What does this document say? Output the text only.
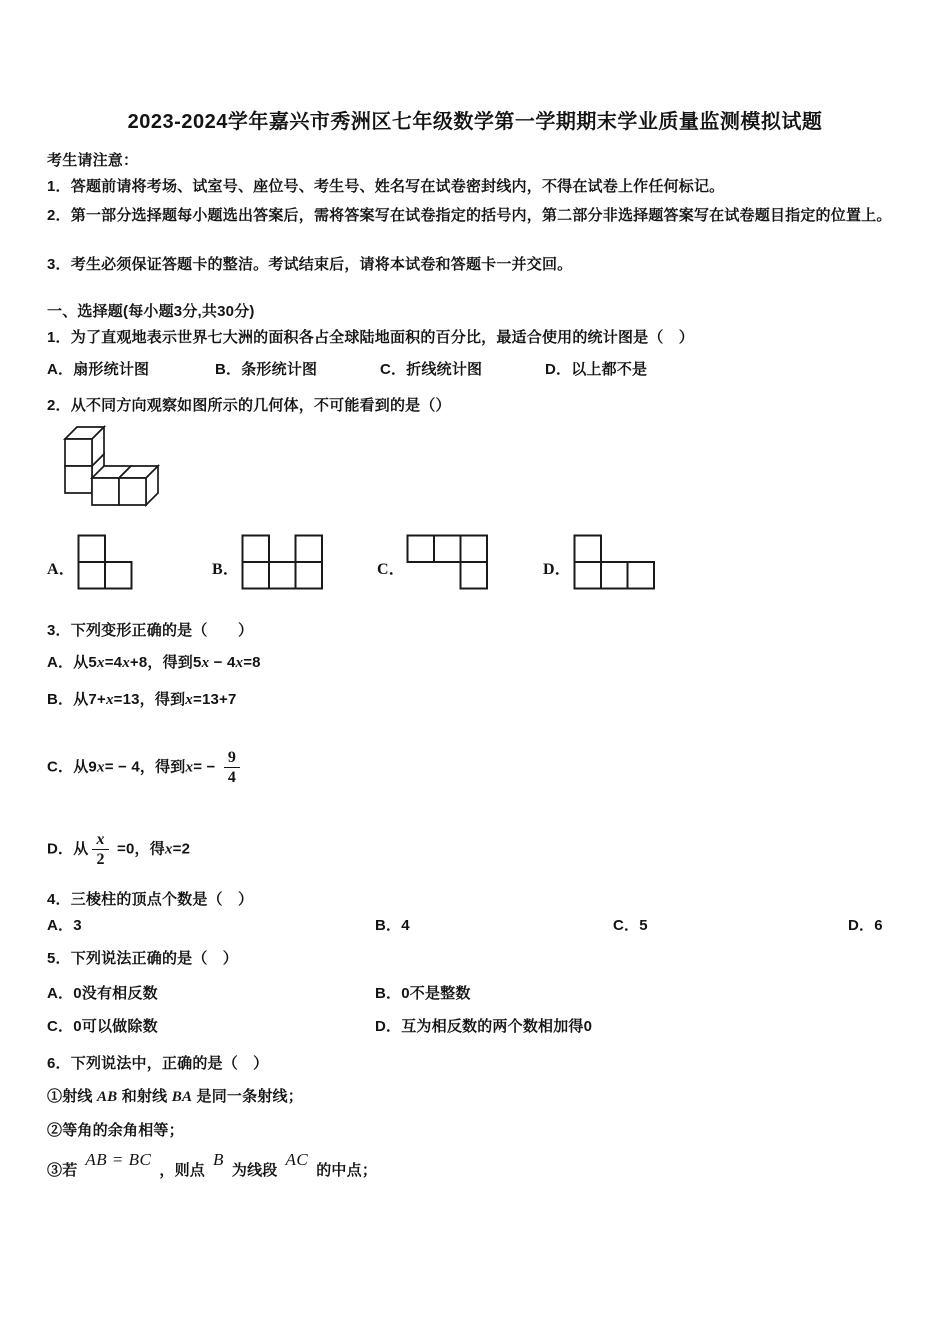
2023-2024学年嘉兴市秀洲区七年级数学第一学期期末学业质量监测模拟试题
考生请注意：
1．答题前请将考场、试室号、座位号、考生号、姓名写在试卷密封线内，不得在试卷上作任何标记。
2．第一部分选择题每小题选出答案后，需将答案写在试卷指定的括号内，第二部分非选择题答案写在试卷题目指定的位置上。
3．考生必须保证答题卡的整洁。考试结束后，请将本试卷和答题卡一并交回。
一、选择题(每小题3分,共30分)
1．为了直观地表示世界七大洲的面积各占全球陆地面积的百分比，最适合使用的统计图是（　）
A．扇形统计图	B．条形统计图	C．折线统计图	D．以上都不是
2．从不同方向观察如图所示的几何体，不可能看到的是（）
A．	B．	C．	D．
3．下列变形正确的是（　　）
A．从5x=4x+8，得到5x − 4x=8
B．从7+x=13，得到x=13+7
C．从9x= − 4，得到$x= - \frac{9}{4}$
D．从 $\frac{x}{2} =0$，得x=2
4．三棱柱的顶点个数是（　）
A．3	B．4	C．5	D．6
5．下列说法正确的是（　）
A．0没有相反数	B．0不是整数
C．0可以做除数	D．互为相反数的两个数相加得0
6．下列说法中，正确的是（　）
①射线 AB 和射线 BA 是同一条射线；
②等角的余角相等；
③若AB = BC，则点B为线段AC的中点；
